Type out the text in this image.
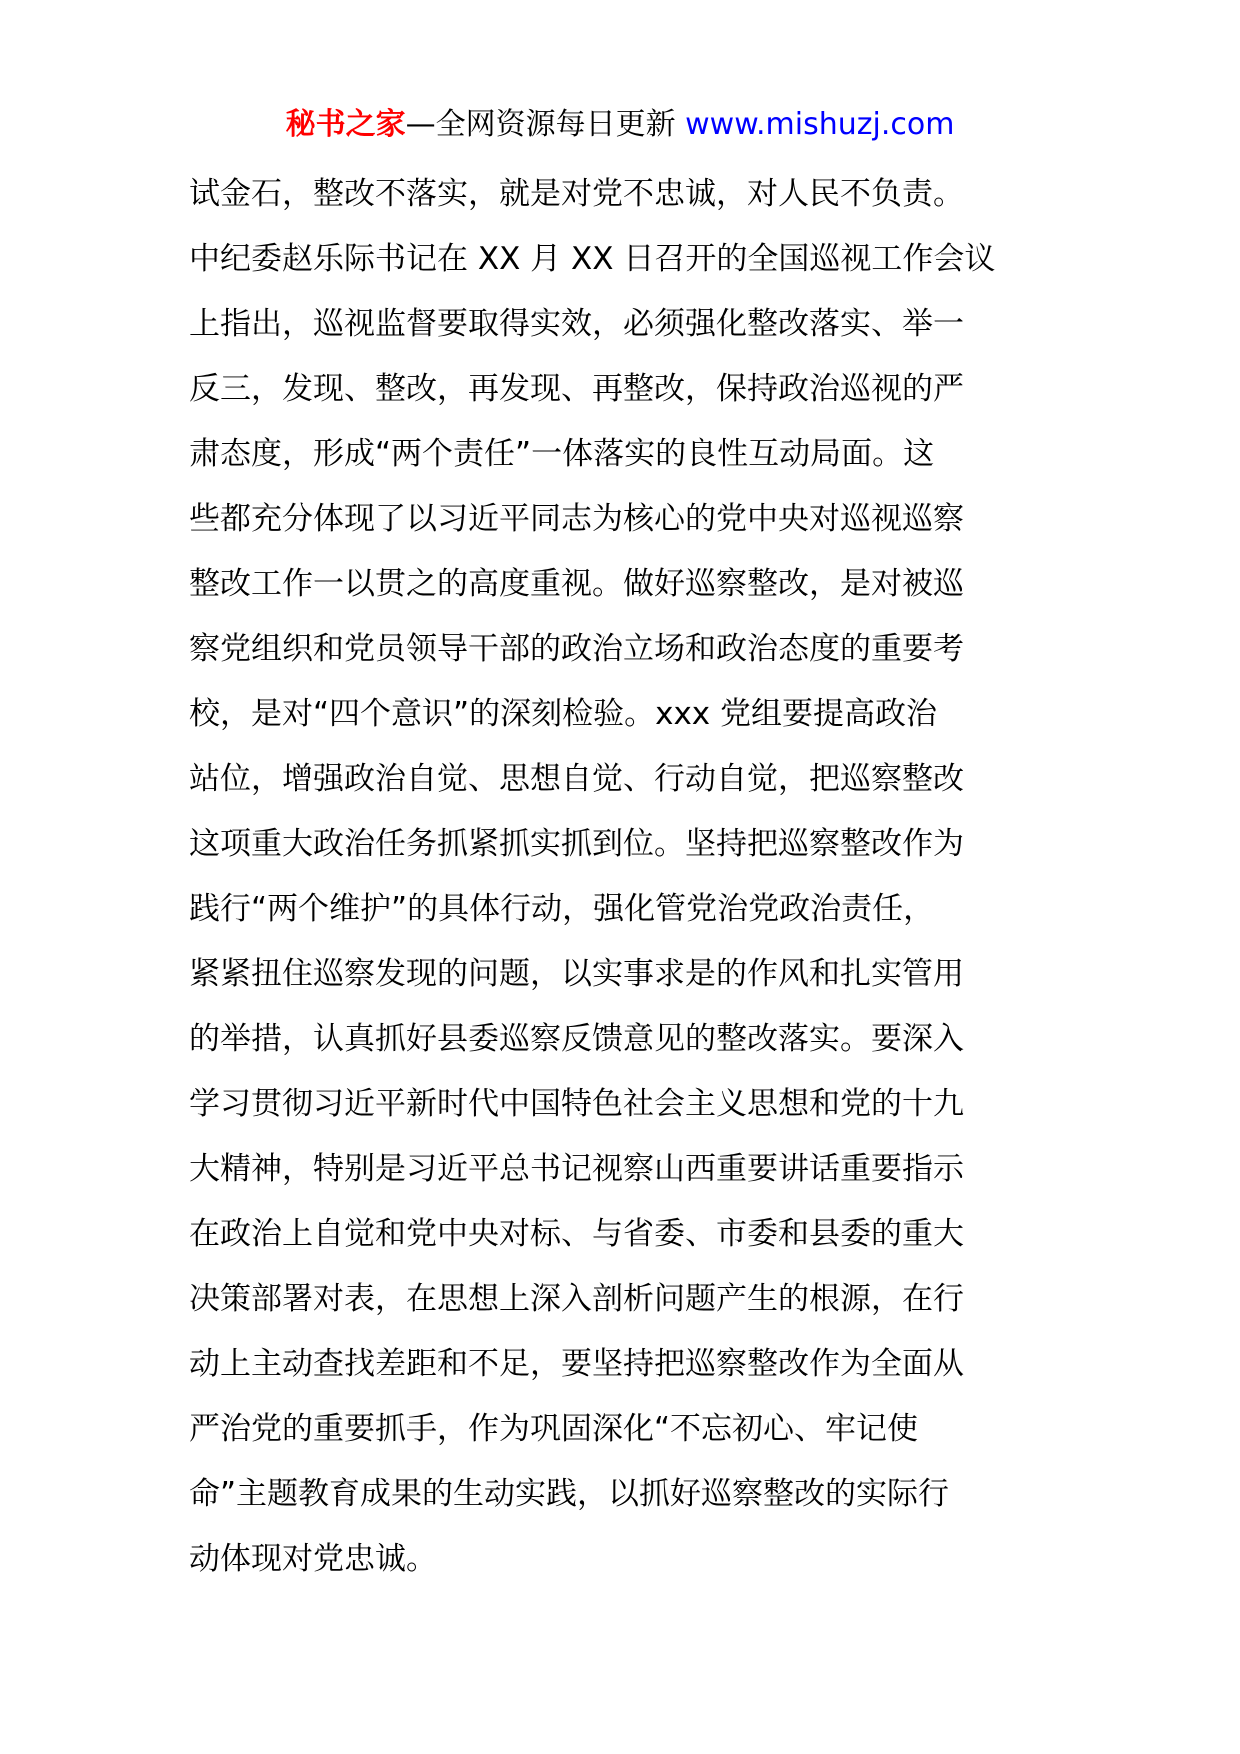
秘书之家—全网资源每日更新 www.mishuzj.com
试金石，整改不落实，就是对党不忠诚，对人民不负责。
中纪委赵乐际书记在 XX 月 XX 日召开的全国巡视工作会议
上指出，巡视监督要取得实效，必须强化整改落实、举一
反三，发现、整改，再发现、再整改，保持政治巡视的严
肃态度，形成“两个责任”一体落实的良性互动局面。这
些都充分体现了以习近平同志为核心的党中央对巡视巡察
整改工作一以贯之的高度重视。做好巡察整改，是对被巡
察党组织和党员领导干部的政治立场和政治态度的重要考
校，是对“四个意识”的深刻检验。xxx 党组要提高政治
站位，增强政治自觉、思想自觉、行动自觉，把巡察整改
这项重大政治任务抓紧抓实抓到位。坚持把巡察整改作为
践行“两个维护”的具体行动，强化管党治党政治责任，
紧紧扭住巡察发现的问题，以实事求是的作风和扎实管用
的举措，认真抓好县委巡察反馈意见的整改落实。要深入
学习贯彻习近平新时代中国特色社会主义思想和党的十九
大精神，特别是习近平总书记视察山西重要讲话重要指示
在政治上自觉和党中央对标、与省委、市委和县委的重大
决策部署对表，在思想上深入剖析问题产生的根源，在行
动上主动查找差距和不足，要坚持把巡察整改作为全面从
严治党的重要抓手，作为巩固深化“不忘初心、牢记使
命”主题教育成果的生动实践，以抓好巡察整改的实际行
动体现对党忠诚。
